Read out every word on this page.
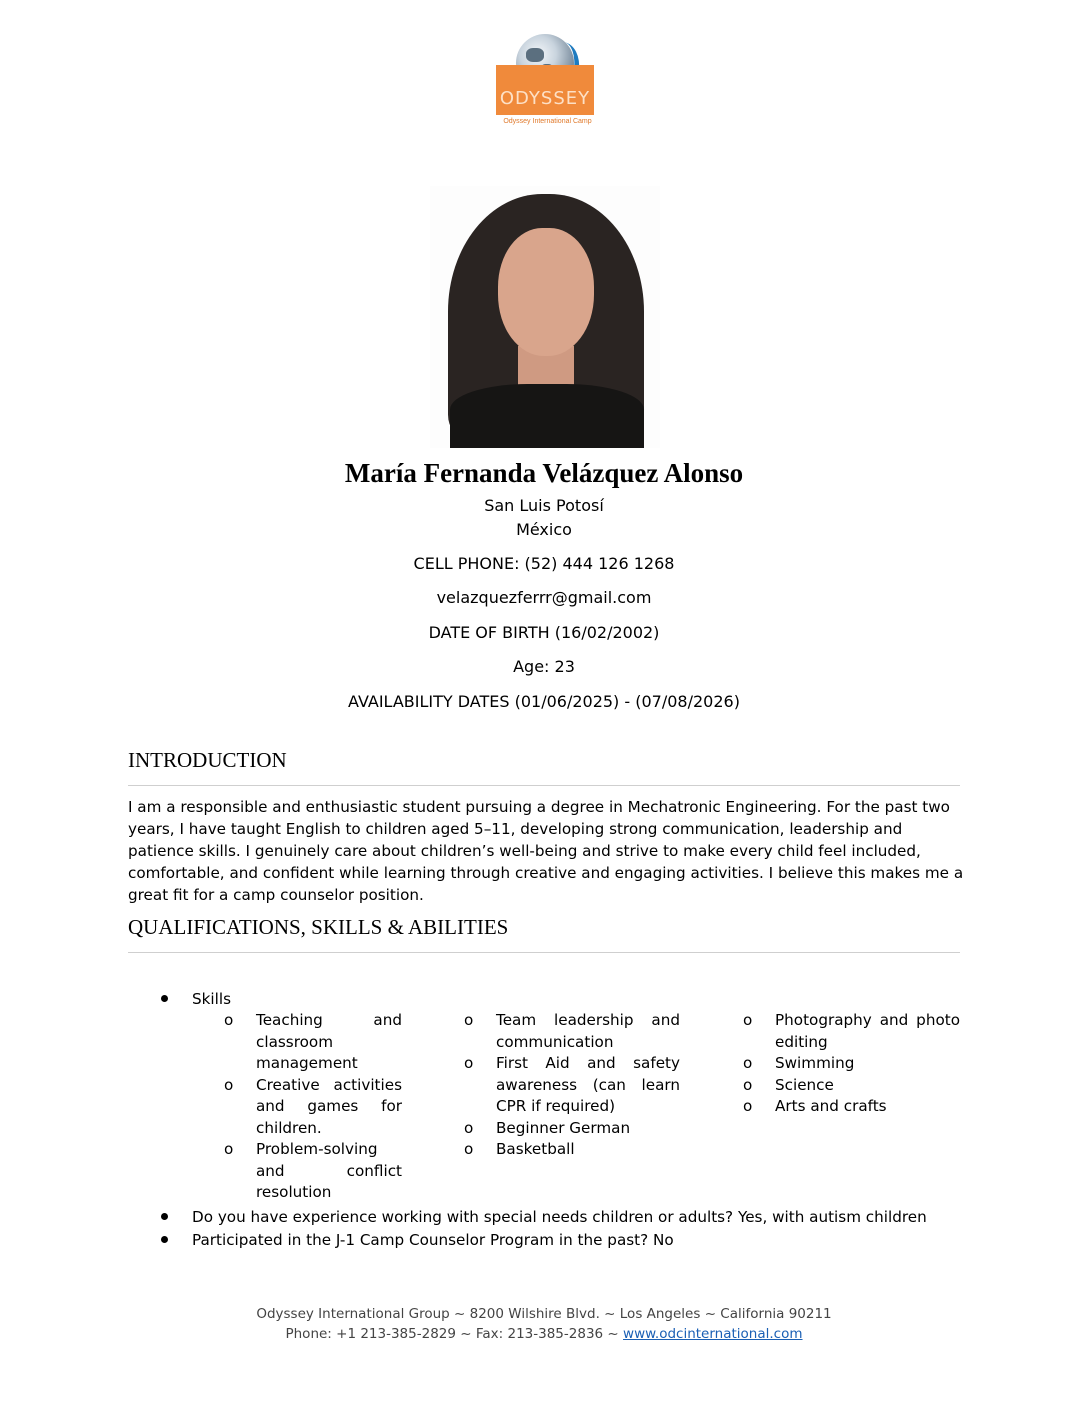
ODYSSEY
Odyssey International Camp
María Fernanda Velázquez Alonso
San Luis Potosí
México
CELL PHONE: (52) 444 126 1268
velazquezferrr@gmail.com
DATE OF BIRTH (16/02/2002)
Age: 23
AVAILABILITY DATES (01/06/2025) - (07/08/2026)
INTRODUCTION
I am a responsible and enthusiastic student pursuing a degree in Mechatronic Engineering. For the past two years, I have taught English to children aged 5–11, developing strong communication, leadership and patience skills. I genuinely care about children’s well-being and strive to make every child feel included, comfortable, and confident while learning through creative and engaging activities. I believe this makes me a great fit for a camp counselor position.
QUALIFICATIONS, SKILLS & ABILITIES
Skills
o Teaching and classroom management
o Creative activities and games for children.
o Problem-solving and conflict resolution
o Team leadership and communication
o First Aid and safety awareness (can learn CPR if required)
o Beginner German
o Basketball
o Photography and photo editing
o Swimming
o Science
o Arts and crafts
Do you have experience working with special needs children or adults? Yes, with autism children
Participated in the J-1 Camp Counselor Program in the past? No
Odyssey International Group ~ 8200 Wilshire Blvd. ~ Los Angeles ~ California 90211
Phone: +1 213-385-2829 ~ Fax: 213-385-2836 ~ www.odcinternational.com
